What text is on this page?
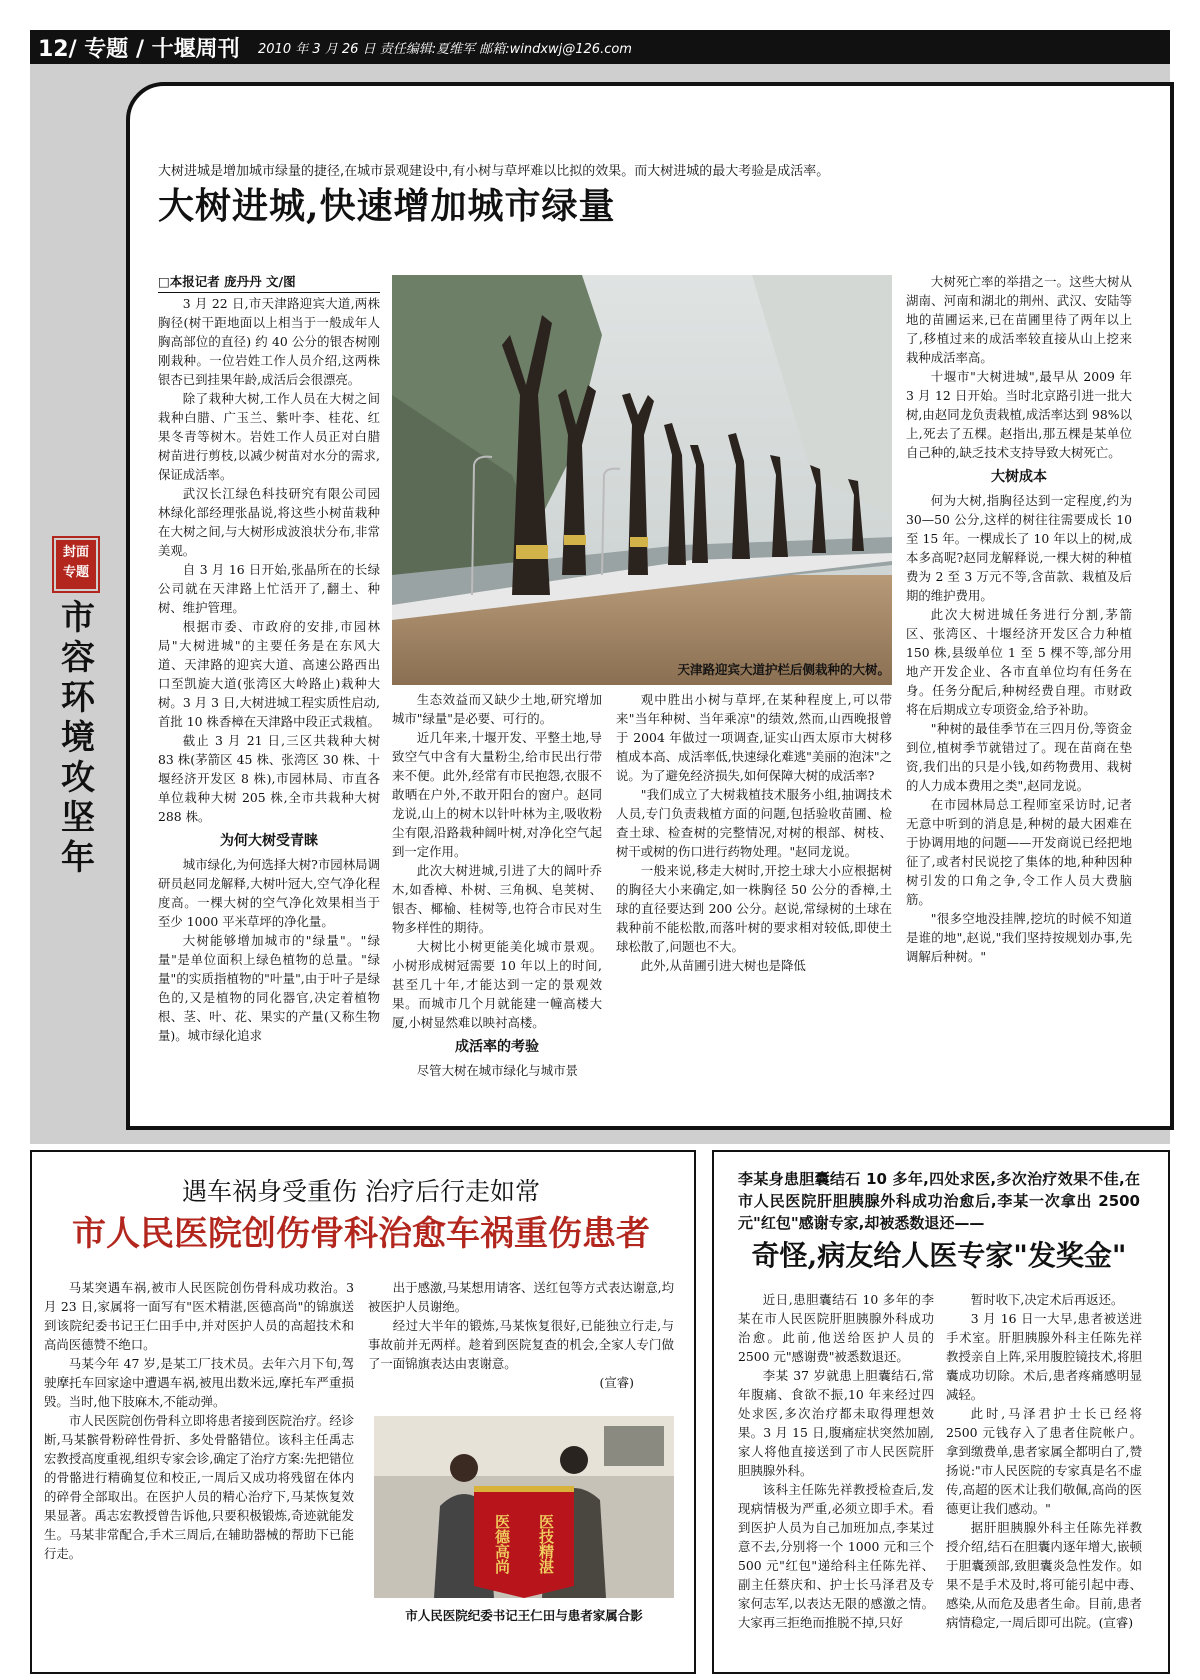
12/ 专题 / 十堰周刊 2010 年 3 月 26 日 责任编辑:夏维军 邮箱:windxwj@126.com
封面
专题
市容环境攻坚年
大树进城是增加城市绿量的捷径,在城市景观建设中,有小树与草坪难以比拟的效果。而大树进城的最大考验是成活率。
大树进城,快速增加城市绿量
□本报记者 庞丹丹 文/图

3 月 22 日,市天津路迎宾大道,两株胸径(树干距地面以上相当于一般成年人胸高部位的直径) 约 40 公分的银杏树刚刚栽种。一位岩姓工作人员介绍,这两株银杏已到挂果年龄,成活后会很漂亮。

除了栽种大树,工作人员在大树之间栽种白腊、广玉兰、紫叶李、桂花、红果冬青等树木。岩姓工作人员正对白腊树苗进行剪枝,以减少树苗对水分的需求,保证成活率。

武汉长江绿色科技研究有限公司园林绿化部经理张晶说,将这些小树苗栽种在大树之间,与大树形成波浪状分布,非常美观。

自 3 月 16 日开始,张晶所在的长绿公司就在天津路上忙活开了,翻土、种树、维护管理。

根据市委、市政府的安排,市园林局"大树进城"的主要任务是在东风大道、天津路的迎宾大道、高速公路西出口至凯旋大道(张湾区大岭路止)栽种大树。3 月 3 日,大树进城工程实质性启动,首批 10 株香樟在天津路中段正式栽植。

截止 3 月 21 日,三区共栽种大树 83 株(茅箭区 45 株、张湾区 30 株、十堰经济开发区 8 株),市园林局、市直各单位栽种大树 205 株,全市共栽种大树 288 株。

为何大树受青睐

城市绿化,为何选择大树?市园林局调研员赵同龙解释,大树叶冠大,空气净化程度高。一棵大树的空气净化效果相当于至少 1000 平米草坪的净化量。

大树能够增加城市的"绿量"。"绿量"是单位面积上绿色植物的总量。"绿量"的实质指植物的"叶量",由于叶子是绿色的,又是植物的同化器官,决定着植物根、茎、叶、花、果实的产量(又称生物量)。城市绿化追求

天津路迎宾大道护栏后侧栽种的大树。

生态效益而又缺少土地,研究增加城市"绿量"是必要、可行的。

近几年来,十堰开发、平整土地,导致空气中含有大量粉尘,给市民出行带来不便。此外,经常有市民抱怨,衣服不敢晒在户外,不敢开阳台的窗户。赵同龙说,山上的树木以针叶林为主,吸收粉尘有限,沿路栽种阔叶树,对净化空气起到一定作用。

此次大树进城,引进了大的阔叶乔木,如香樟、朴树、三角枫、皂荚树、银杏、椰榆、桂树等,也符合市民对生物多样性的期待。

大树比小树更能美化城市景观。小树形成树冠需要 10 年以上的时间,甚至几十年,才能达到一定的景观效果。而城市几个月就能建一幢高楼大厦,小树显然难以映衬高楼。

成活率的考验

尽管大树在城市绿化与城市景

观中胜出小树与草坪,在某种程度上,可以带来"当年种树、当年乘凉"的绩效,然而,山西晚报曾于 2004 年做过一项调查,证实山西太原市大树移植成本高、成活率低,快速绿化难逃"美丽的泡沫"之说。为了避免经济损失,如何保障大树的成活率?

"我们成立了大树栽植技术服务小组,抽调技术人员,专门负责栽植方面的问题,包括验收苗圃、检查土球、检查树的完整情况,对树的根部、树枝、树干或树的伤口进行药物处理。"赵同龙说。

一般来说,移走大树时,开挖土球大小应根据树的胸径大小来确定,如一株胸径 50 公分的香樟,土球的直径要达到 200 公分。赵说,常绿树的土球在栽种前不能松散,而落叶树的要求相对较低,即使土球松散了,问题也不大。

此外,从苗圃引进大树也是降低

大树死亡率的举措之一。这些大树从湖南、河南和湖北的荆州、武汉、安陆等地的苗圃运来,已在苗圃里待了两年以上了,移植过来的成活率较直接从山上挖来栽种成活率高。

十堰市"大树进城",最早从 2009 年 3 月 12 日开始。当时北京路引进一批大树,由赵同龙负责栽植,成活率达到 98%以上,死去了五棵。赵指出,那五棵是某单位自己种的,缺乏技术支持导致大树死亡。

大树成本

何为大树,指胸径达到一定程度,约为 30—50 公分,这样的树往往需要成长 10 至 15 年。一棵成长了 10 年以上的树,成本多高呢?赵同龙解释说,一棵大树的种植费为 2 至 3 万元不等,含苗款、栽植及后期的维护费用。

此次大树进城任务进行分割,茅箭区、张湾区、十堰经济开发区合力种植 150 株,县级单位 1 至 5 棵不等,部分用地产开发企业、各市直单位均有任务在身。任务分配后,种树经费自理。市财政将在后期成立专项资金,给予补助。

"种树的最佳季节在三四月份,等资金到位,植树季节就错过了。现在苗商在垫资,我们出的只是小钱,如药物费用、栽树的人力成本费用之类",赵同龙说。

在市园林局总工程师室采访时,记者无意中听到的消息是,种树的最大困难在于协调用地的问题——开发商说已经把地征了,或者村民说挖了集体的地,种种因种树引发的口角之争,令工作人员大费脑筋。

"很多空地没挂牌,挖坑的时候不知道是谁的地",赵说,"我们坚持按规划办事,先调解后种树。"

遇车祸身受重伤 治疗后行走如常
市人民医院创伤骨科治愈车祸重伤患者

马某突遇车祸,被市人民医院创伤骨科成功救治。3 月 23 日,家属将一面写有"医术精湛,医德高尚"的锦旗送到该院纪委书记王仁田手中,并对医护人员的高超技术和高尚医德赞不绝口。

马某今年 47 岁,是某工厂技术员。去年六月下旬,驾驶摩托车回家途中遭遇车祸,被甩出数米远,摩托车严重损毁。当时,他下肢麻木,不能动弹。

市人民医院创伤骨科立即将患者接到医院治疗。经诊断,马某髌骨粉碎性骨折、多处骨骼错位。该科主任禹志宏教授高度重视,组织专家会诊,确定了治疗方案:先把错位的骨骼进行精确复位和校正,一周后又成功将残留在体内的碎骨全部取出。在医护人员的精心治疗下,马某恢复效果显著。禹志宏教授曾告诉他,只要积极锻炼,奇迹就能发生。马某非常配合,手术三周后,在辅助器械的帮助下已能行走。

出于感激,马某想用请客、送红包等方式表达谢意,均被医护人员谢绝。

经过大半年的锻炼,马某恢复很好,已能独立行走,与事故前并无两样。趁着到医院复查的机会,全家人专门做了一面锦旗表达由衷谢意。

(宣睿)
医德高尚 医技精湛
市人民医院纪委书记王仁田与患者家属合影
李某身患胆囊结石 10 多年,四处求医,多次治疗效果不佳,在市人民医院肝胆胰腺外科成功治愈后,李某一次拿出 2500 元"红包"感谢专家,却被悉数退还——
奇怪,病友给人医专家"发奖金"

近日,患胆囊结石 10 多年的李某在市人民医院肝胆胰腺外科成功治愈。此前,他送给医护人员的 2500 元"感谢费"被悉数退还。

李某 37 岁就患上胆囊结石,常年腹痛、食欲不振,10 年来经过四处求医,多次治疗都未取得理想效果。3 月 15 日,腹痛症状突然加剧,家人将他直接送到了市人民医院肝胆胰腺外科。

该科主任陈先祥教授检查后,发现病情极为严重,必须立即手术。看到医护人员为自己加班加点,李某过意不去,分别将一个 1000 元和三个 500 元"红包"递给科主任陈先祥、副主任蔡庆和、护士长马泽君及专家何志军,以表达无限的感激之情。大家再三拒绝而推脱不掉,只好

暂时收下,决定术后再返还。

3 月 16 日一大早,患者被送进手术室。肝胆胰腺外科主任陈先祥教授亲自上阵,采用腹腔镜技术,将胆囊成功切除。术后,患者疼痛感明显减轻。

此时,马泽君护士长已经将 2500 元钱存入了患者住院帐户。拿到缴费单,患者家属全都明白了,赞扬说:"市人民医院的专家真是名不虚传,高超的医术让我们敬佩,高尚的医德更让我们感动。"

据肝胆胰腺外科主任陈先祥教授介绍,结石在胆囊内逐年增大,嵌顿于胆囊颈部,致胆囊炎急性发作。如果不是手术及时,将可能引起中毒、感染,从而危及患者生命。目前,患者病情稳定,一周后即可出院。(宣睿)
